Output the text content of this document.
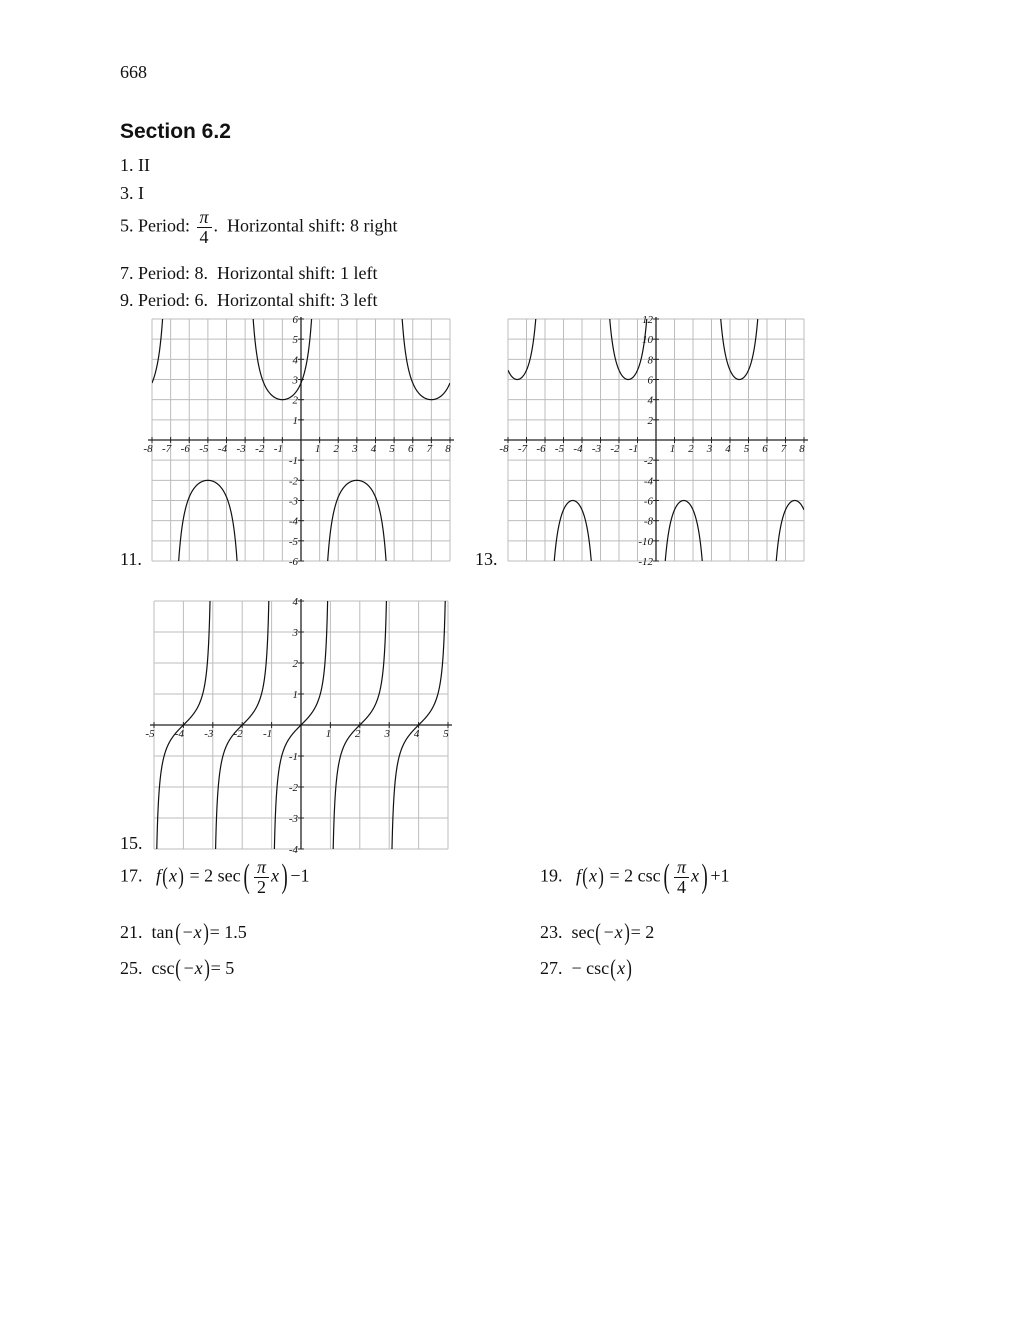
668
Section 6.2
1. II
3. I
5. Period: $\frac{\pi}{4}$ .  Horizontal shift: 8 right
7. Period: 8.  Horizontal shift: 1 left
9. Period: 6.  Horizontal shift: 3 left
11.	13.
15.
-8 -7 -6 -5 -4 -3 -2 -1	1 2 3 4 5 6 7 8
6
5
4
3
2
1
-1
-2
-3
-4
-5
-6
-8 -7 -6 -5 -4 -3 -2 -1	1 2 3 4 5 6 7 8
12
10
8
6
4
2
-2
-4
-6
-8
-10
-12
-5 -4 -3 -2 -1	1 2 3 4 5
4
3
2
1
-1
-2
-3
-4
17. f(x) = 2 $\sec( \frac{\pi}{2} x) -1$	19. f(x) = 2 $\csc( \frac{\pi}{4} x) +1$
21. tan(−x)= 1.5	23. sec(−x)= 2
25. csc(−x)= 5	27. − csc(x)
